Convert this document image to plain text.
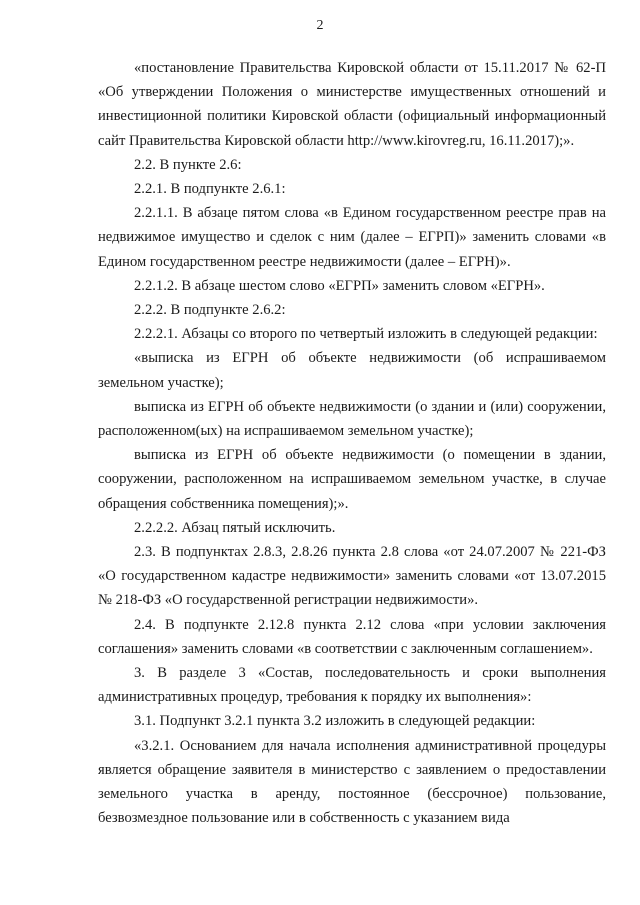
2

«постановление Правительства Кировской области от 15.11.2017 № 62-П «Об утверждении Положения о министерстве имущественных отношений и инвестиционной политики Кировской области (официальный информационный сайт Правительства Кировской области http://www.kirovreg.ru, 16.11.2017);».

2.2. В пункте 2.6:

2.2.1. В подпункте 2.6.1:

2.2.1.1. В абзаце пятом слова «в Едином государственном реестре прав на недвижимое имущество и сделок с ним (далее – ЕГРП)» заменить словами «в Едином государственном реестре недвижимости (далее – ЕГРН)».

2.2.1.2. В абзаце шестом слово «ЕГРП» заменить словом «ЕГРН».

2.2.2. В подпункте 2.6.2:

2.2.2.1. Абзацы со второго по четвертый изложить в следующей редакции:

«выписка из ЕГРН об объекте недвижимости (об испрашиваемом земельном участке);

выписка из ЕГРН об объекте недвижимости (о здании и (или) сооружении, расположенном(ых) на испрашиваемом земельном участке);

выписка из ЕГРН об объекте недвижимости (о помещении в здании, сооружении, расположенном на испрашиваемом земельном участке, в случае обращения собственника помещения);».

2.2.2.2. Абзац пятый исключить.

2.3. В подпунктах 2.8.3, 2.8.26 пункта 2.8 слова «от 24.07.2007 № 221-ФЗ «О государственном кадастре недвижимости» заменить словами «от 13.07.2015 № 218-ФЗ «О государственной регистрации недвижимости».

2.4. В подпункте 2.12.8 пункта 2.12 слова «при условии заключения соглашения» заменить словами «в соответствии с заключенным соглашением».

3. В разделе 3 «Состав, последовательность и сроки выполнения административных процедур, требования к порядку их выполнения»:

3.1. Подпункт 3.2.1 пункта 3.2 изложить в следующей редакции:

«3.2.1. Основанием для начала исполнения административной процедуры является обращение заявителя в министерство с заявлением о предоставлении земельного участка в аренду, постоянное (бессрочное) пользование, безвозмездное пользование или в собственность с указанием вида
